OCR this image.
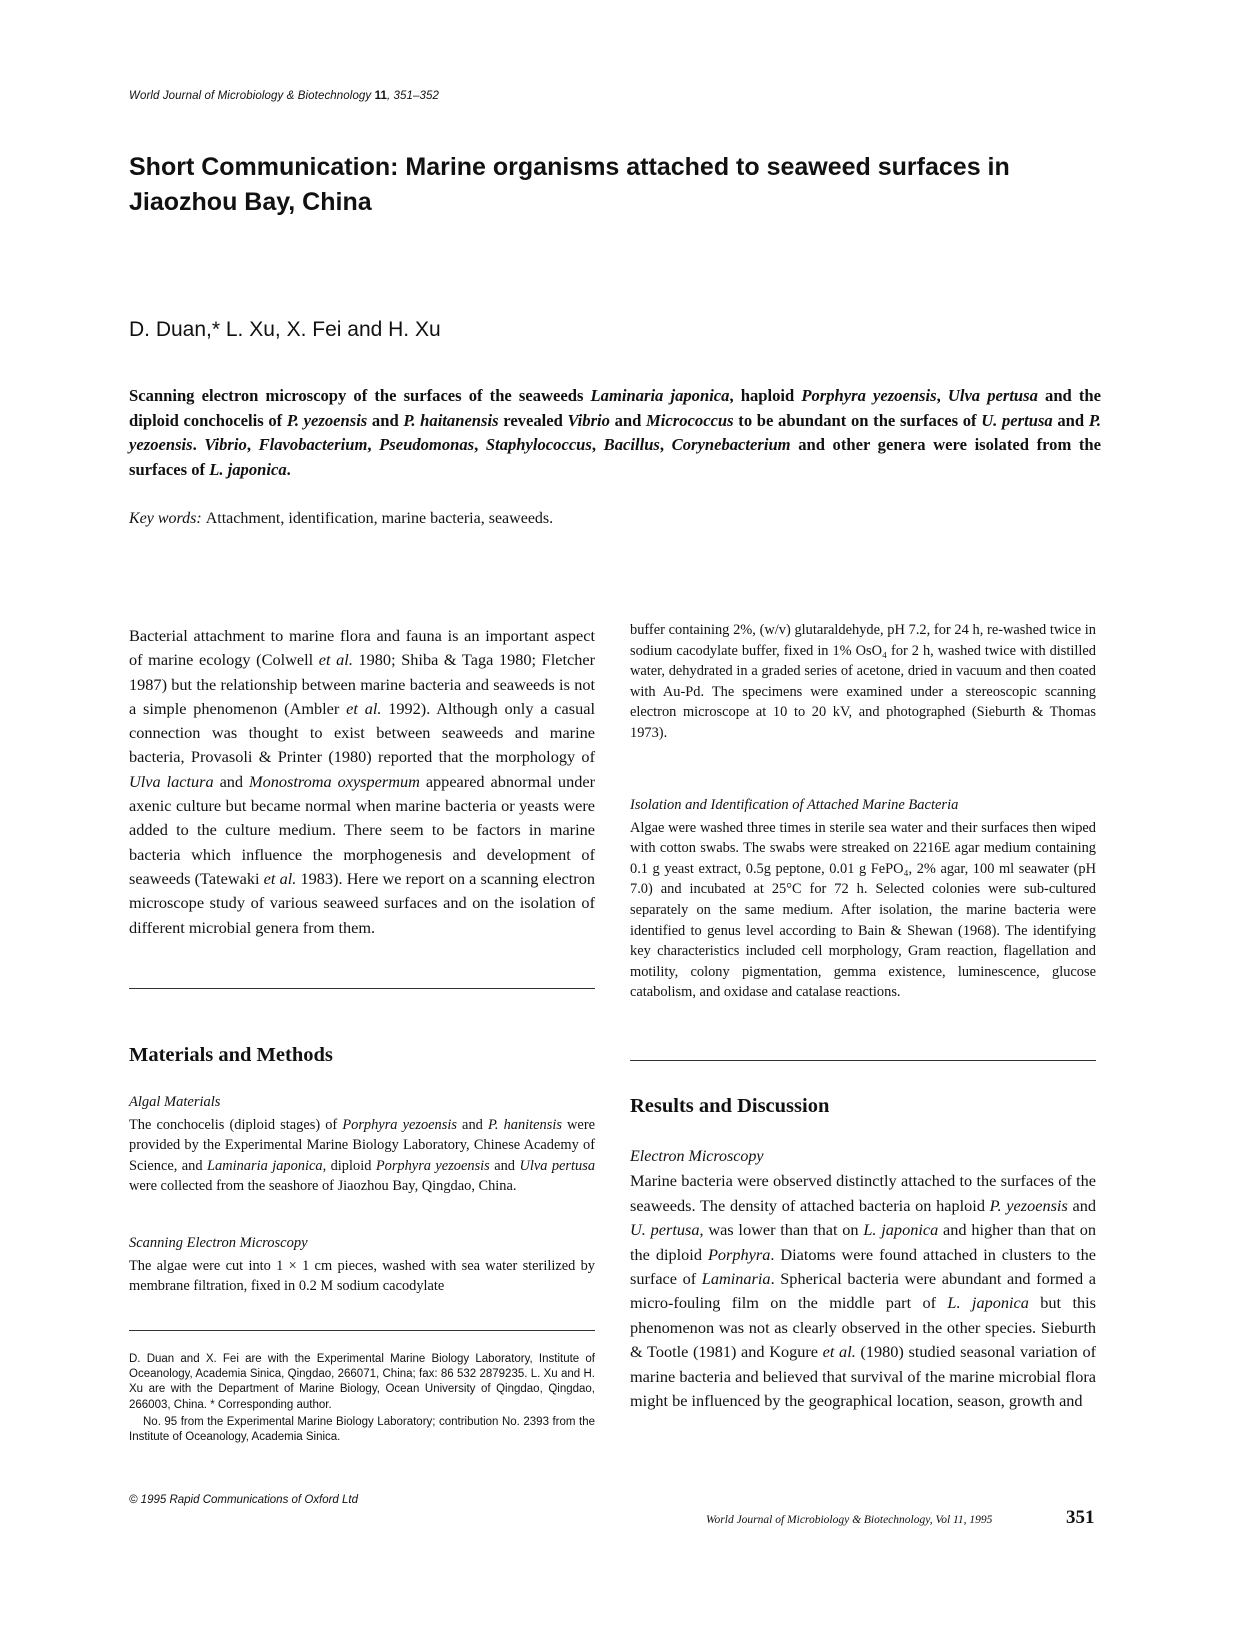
World Journal of Microbiology & Biotechnology 11, 351–352
Short Communication: Marine organisms attached to seaweed surfaces in Jiaozhou Bay, China
D. Duan,* L. Xu, X. Fei and H. Xu
Scanning electron microscopy of the surfaces of the seaweeds Laminaria japonica, haploid Porphyra yezoensis, Ulva pertusa and the diploid conchocelis of P. yezoensis and P. haitanensis revealed Vibrio and Micrococcus to be abundant on the surfaces of U. pertusa and P. yezoensis. Vibrio, Flavobacterium, Pseudomonas, Staphylococcus, Bacillus, Corynebacterium and other genera were isolated from the surfaces of L. japonica.
Key words: Attachment, identification, marine bacteria, seaweeds.

Bacterial attachment to marine flora and fauna is an important aspect of marine ecology (Colwell et al. 1980; Shiba & Taga 1980; Fletcher 1987) but the relationship between marine bacteria and seaweeds is not a simple phenomenon (Ambler et al. 1992). Although only a casual connection was thought to exist between seaweeds and marine bacteria, Provasoli & Printer (1980) reported that the morphology of Ulva lactura and Monostroma oxyspermum appeared abnormal under axenic culture but became normal when marine bacteria or yeasts were added to the culture medium. There seem to be factors in marine bacteria which influence the morphogenesis and development of seaweeds (Tatewaki et al. 1983). Here we report on a scanning electron microscope study of various seaweed surfaces and on the isolation of different microbial genera from them.

Materials and Methods
Algal Materials

The conchocelis (diploid stages) of Porphyra yezoensis and P. hanitensis were provided by the Experimental Marine Biology Laboratory, Chinese Academy of Science, and Laminaria japonica, diploid Porphyra yezoensis and Ulva pertusa were collected from the seashore of Jiaozhou Bay, Qingdao, China.

Scanning Electron Microscopy

The algae were cut into 1 × 1 cm pieces, washed with sea water sterilized by membrane filtration, fixed in 0.2 M sodium cacodylate

D. Duan and X. Fei are with the Experimental Marine Biology Laboratory, Institute of Oceanology, Academia Sinica, Qingdao, 266071, China; fax: 86 532 2879235. L. Xu and H. Xu are with the Department of Marine Biology, Ocean University of Qingdao, Qingdao, 266003, China. * Corresponding author.

No. 95 from the Experimental Marine Biology Laboratory; contribution No. 2393 from the Institute of Oceanology, Academia Sinica.

© 1995 Rapid Communications of Oxford Ltd

buffer containing 2%, (w/v) glutaraldehyde, pH 7.2, for 24 h, re-washed twice in sodium cacodylate buffer, fixed in 1% OsO₄ for 2 h, washed twice with distilled water, dehydrated in a graded series of acetone, dried in vacuum and then coated with Au-Pd. The specimens were examined under a stereoscopic scanning electron microscope at 10 to 20 kV, and photographed (Sieburth & Thomas 1973).

Isolation and Identification of Attached Marine Bacteria

Algae were washed three times in sterile sea water and their surfaces then wiped with cotton swabs. The swabs were streaked on 2216E agar medium containing 0.1 g yeast extract, 0.5g peptone, 0.01 g FePO₄, 2% agar, 100 ml seawater (pH 7.0) and incubated at 25°C for 72 h. Selected colonies were sub-cultured separately on the same medium. After isolation, the marine bacteria were identified to genus level according to Bain & Shewan (1968). The identifying key characteristics included cell morphology, Gram reaction, flagellation and motility, colony pigmentation, gemma existence, luminescence, glucose catabolism, and oxidase and catalase reactions.

Results and Discussion
Electron Microscopy

Marine bacteria were observed distinctly attached to the surfaces of the seaweeds. The density of attached bacteria on haploid P. yezoensis and U. pertusa, was lower than that on L. japonica and higher than that on the diploid Porphyra. Diatoms were found attached in clusters to the surface of Laminaria. Spherical bacteria were abundant and formed a micro-fouling film on the middle part of L. japonica but this phenomenon was not as clearly observed in the other species. Sieburth & Tootle (1981) and Kogure et al. (1980) studied seasonal variation of marine bacteria and believed that survival of the marine microbial flora might be influenced by the geographical location, season, growth and

World Journal of Microbiology & Biotechnology, Vol 11, 1995	351
